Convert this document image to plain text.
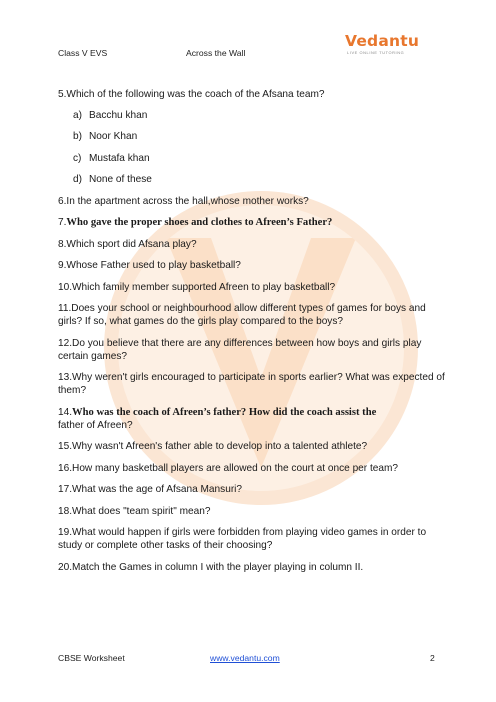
Class V EVS	Across the Wall
Vedantu
LIVE ONLINE TUTORING

5.Which of the following was the coach of the Afsana team?

a) Bacchu khan
b) Noor Khan
c) Mustafa khan
d) None of these

6.In the apartment across the hall,whose mother works?

7.Who gave the proper shoes and clothes to Afreen’s Father?

8.Which sport did Afsana play?

9.Whose Father used to play basketball?

10.Which family member supported Afreen to play basketball?

11.Does your school or neighbourhood allow different types of games for boys and girls? If so, what games do the girls play compared to the boys?

12.Do you believe that there are any differences between how boys and girls play certain games?

13.Why weren't girls encouraged to participate in sports earlier? What was expected of them?

14.Who was the coach of Afreen’s father? How did the coach assist the
father of Afreen?

15.Why wasn't Afreen's father able to develop into a talented athlete?

16.How many basketball players are allowed on the court at once per team?

17.What was the age of Afsana Mansuri?

18.What does "team spirit" mean?

19.What would happen if girls were forbidden from playing video games in order to study or complete other tasks of their choosing?

20.Match the Games in column I with the player playing in column II.

CBSE Worksheet	www.vedantu.com	2
